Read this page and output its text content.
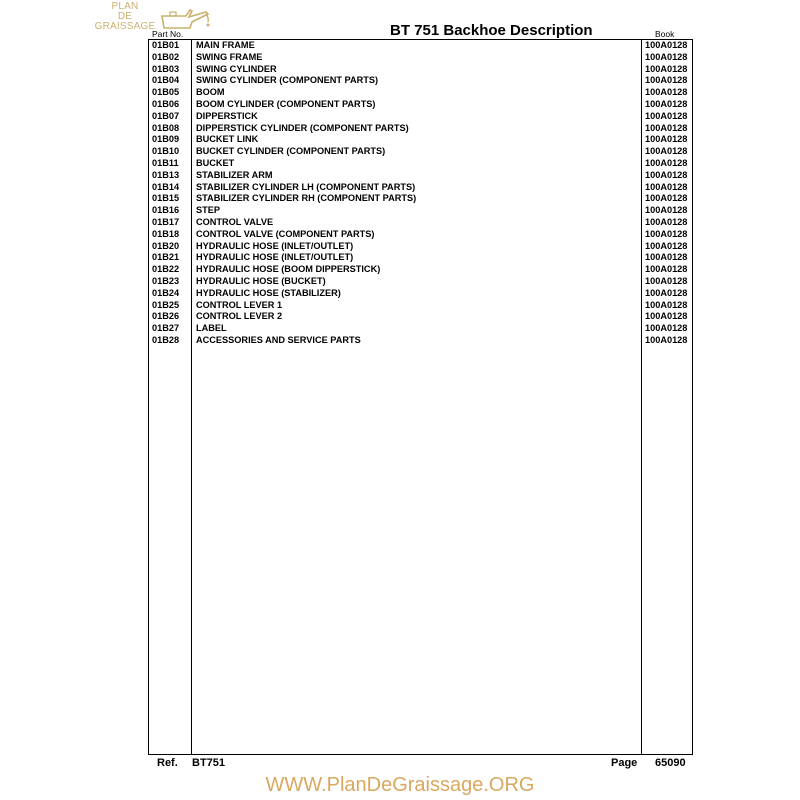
PLAN
DE
GRAISSAGE	BT 751 Backhoe Description
Part No.	Book
01B01 MAIN FRAME	100A0128
01B02 SWING FRAME	100A0128
01B03 SWING CYLINDER	100A0128
01B04 SWING CYLINDER (COMPONENT PARTS)	100A0128
01B05 BOOM	100A0128
01B06 BOOM CYLINDER (COMPONENT PARTS)	100A0128
01B07 DIPPERSTICK	100A0128
01B08 DIPPERSTICK CYLINDER (COMPONENT PARTS)	100A0128
01B09 BUCKET LINK	100A0128
01B10 BUCKET CYLINDER (COMPONENT PARTS)	100A0128
01B11 BUCKET	100A0128
01B13 STABILIZER ARM	100A0128
01B14 STABILIZER CYLINDER LH (COMPONENT PARTS)	100A0128
01B15 STABILIZER CYLINDER RH (COMPONENT PARTS)	100A0128
01B16 STEP	100A0128
01B17 CONTROL VALVE	100A0128
01B18 CONTROL VALVE (COMPONENT PARTS)	100A0128
01B20 HYDRAULIC HOSE (INLET/OUTLET)	100A0128
01B21 HYDRAULIC HOSE (INLET/OUTLET)	100A0128
01B22 HYDRAULIC HOSE (BOOM DIPPERSTICK)	100A0128
01B23 HYDRAULIC HOSE (BUCKET)	100A0128
01B24 HYDRAULIC HOSE (STABILIZER)	100A0128
01B25 CONTROL LEVER 1	100A0128
01B26 CONTROL LEVER 2	100A0128
01B27 LABEL	100A0128
01B28 ACCESSORIES AND SERVICE PARTS	100A0128
Ref. BT751	Page 65090
WWW.PlanDeGraissage.ORG
